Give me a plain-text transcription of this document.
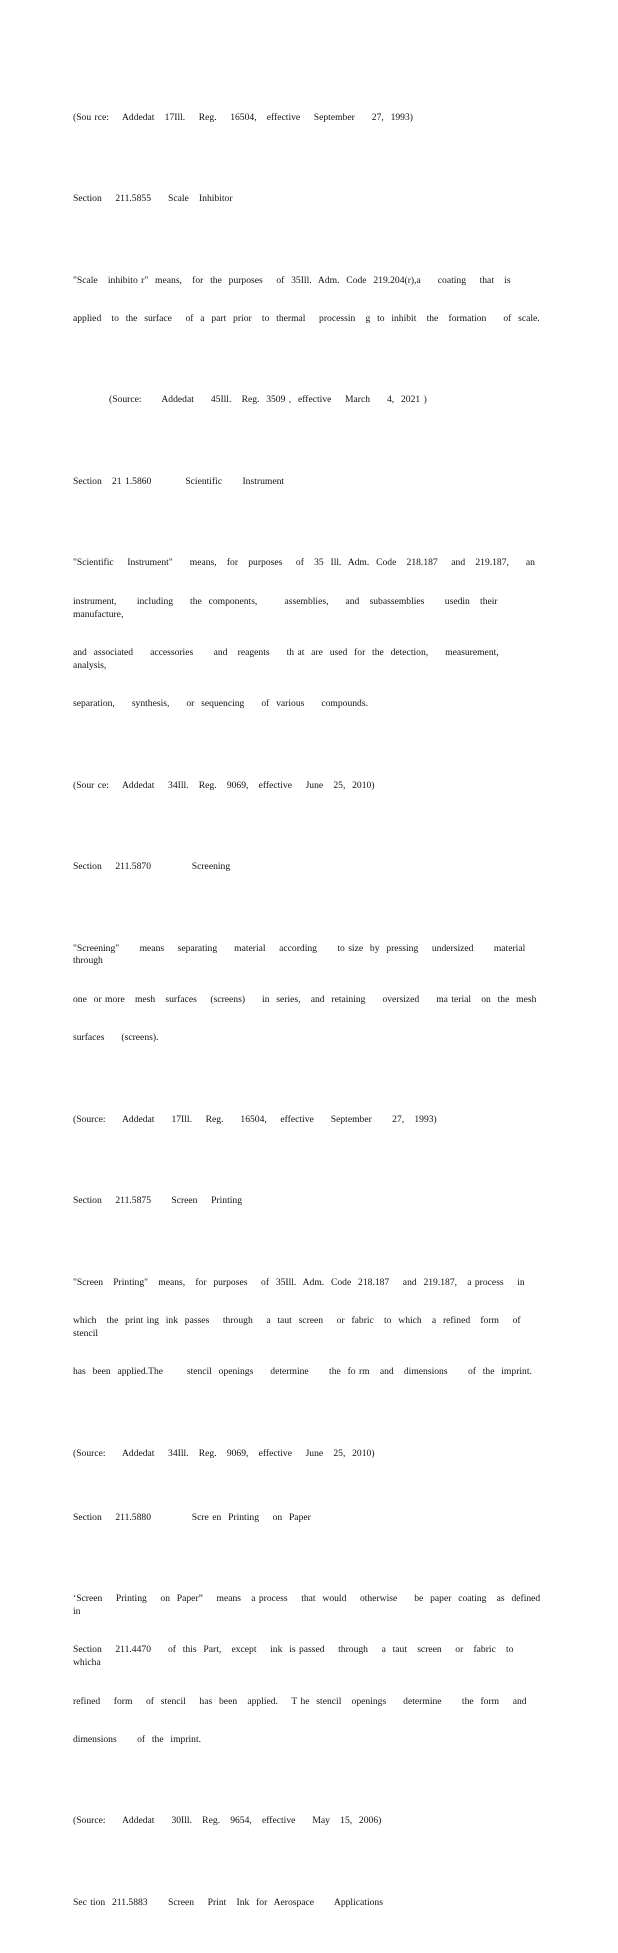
(Sou rce:    Addedat   17Ill.    Reg.    16504,   effective    September     27,  1993)

Section    211.5855     Scale   Inhibitor

"Scale   inhibito r"  means,   for  the  purposes    of  35Ill.  Adm.  Code  219.204(r),a     coating    that   is

applied   to  the  surface    of  a  part  prior   to  thermal    processin   g  to  inhibit   the   formation     of  scale.

(Source:      Addedat     45Ill.   Reg.  3509 ,  effective    March     4,  2021 )

Section   21 1.5860          Scientific      Instrument

"Scientific    Instrument"     means,   for   purposes    of   35  Ill.  Adm.  Code   218.187    and   219.187,     an

instrument,      including     the  components,        assemblies,     and   subassemblies      usedin   their  manufacture,

and  associated     accessories      and   reagents     th at  are  used  for  the  detection,     measurement,        analysis,

separation,     synthesis,     or  sequencing     of  various     compounds.

(Sour ce:    Addedat    34Ill.   Reg.   9069,   effective    June   25,  2010)

Section    211.5870            Screening

"Screening"      means    separating     material    according      to size  by  pressing    undersized      material     through

one  or more   mesh   surfaces    (screens)     in  series,   and  retaining     oversized     ma terial   on  the  mesh

surfaces     (screens).

(Source:     Addedat     17Ill.    Reg.     16504,    effective     September      27,   1993)

Section    211.5875      Screen    Printing

"Screen   Printing"   means,   for  purposes    of  35Ill.  Adm.  Code  218.187    and  219.187,   a process    in

which   the  print ing  ink  passes    through    a  taut  screen    or  fabric   to  which   a  refined   form    of  stencil

has  been  applied.The       stencil  openings     determine      the  fo rm   and   dimensions      of  the  imprint.

(Source:     Addedat    34Ill.   Reg.   9069,   effective    June   25,  2010)

Section    211.5880            Scre en  Printing    on  Paper

‘Screen    Printing    on  Paper”    means   a process    that  would    otherwise     be  paper  coating   as  defined    in

Section    211.4470     of  this  Part,   except    ink  is passed    through    a  taut   screen    or   fabric   to  whicha

refined    form    of  stencil    has  been   applied.    T he  stencil   openings     determine      the  form    and

dimensions      of  the  imprint.

(Source:     Addedat     30Ill.   Reg.   9654,   effective     May   15,  2006)

Sec tion  211.5883      Screen    Print   Ink  for  Aerospace      Applications
